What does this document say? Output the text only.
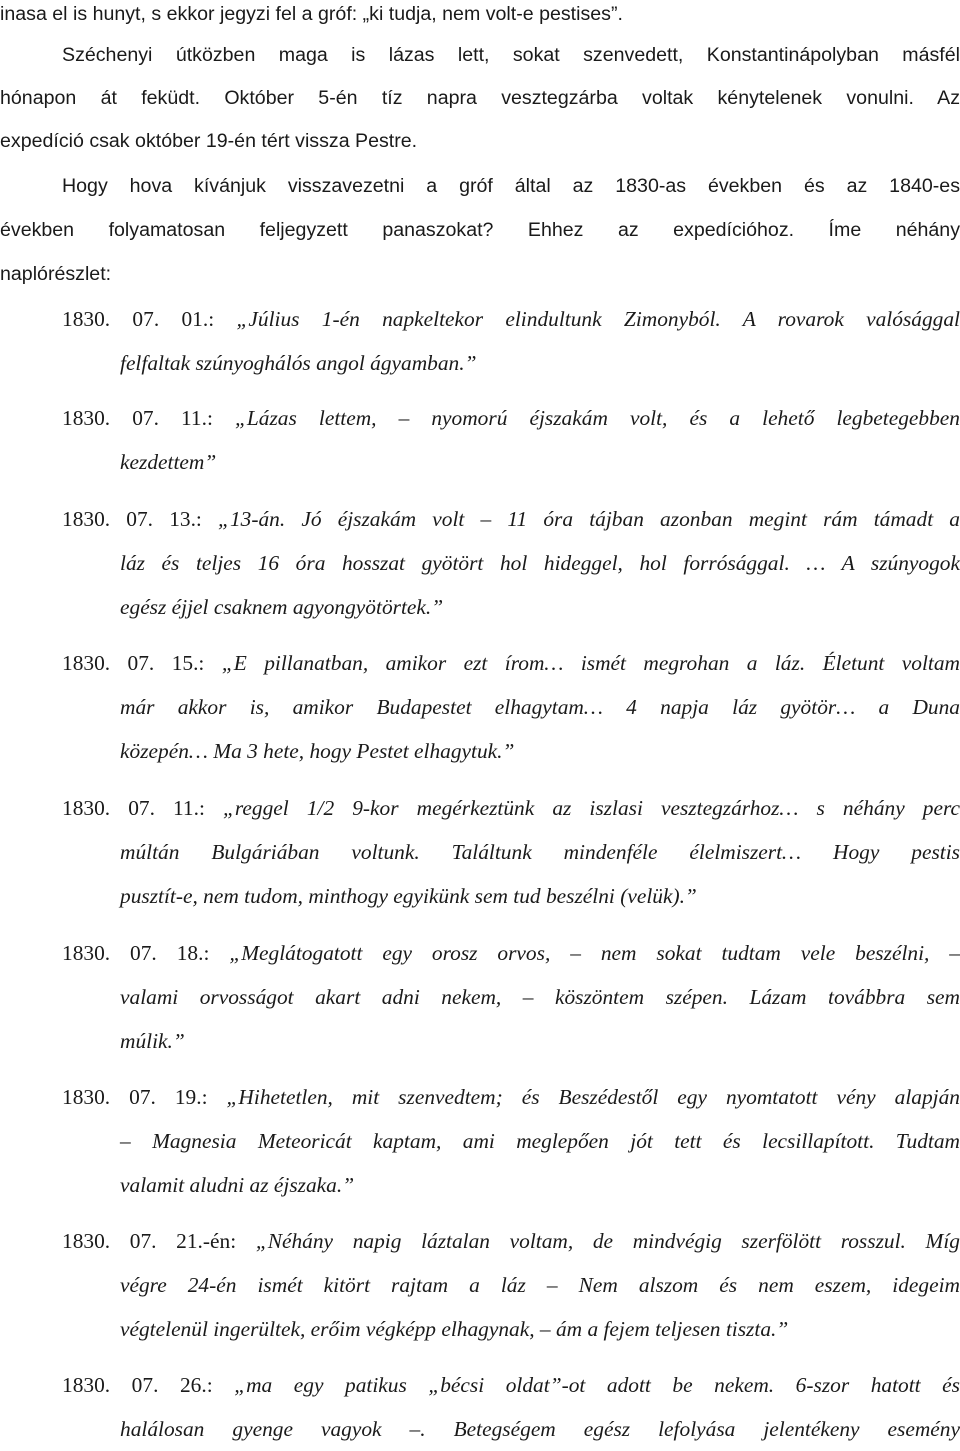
inasa el is hunyt, s ekkor jegyzi fel a gróf: „ki tudja, nem volt-e pestises”.

Széchenyi útközben maga is lázas lett, sokat szenvedett, Konstantinápolyban másfél
hónapon át feküdt. Október 5-én tíz napra vesztegzárba voltak kénytelenek vonulni. Az
expedíció csak október 19-én tért vissza Pestre.
Hogy hova kívánjuk visszavezetni a gróf által az 1830-as években és az 1840-es
években folyamatosan feljegyzett panaszokat? Ehhez az expedícióhoz. Íme néhány
naplórészlet:
1830. 07. 01.: „Július 1-én napkeltekor elindultunk Zimonyból. A rovarok valósággal
felfaltak szúnyoghálós angol ágyamban.”
1830. 07. 11.: „Lázas lettem, – nyomorú éjszakám volt, és a lehető legbetegebben
kezdettem”
1830. 07. 13.: „13-án. Jó éjszakám volt – 11 óra tájban azonban megint rám támadt a
láz és teljes 16 óra hosszat gyötört hol hideggel, hol forrósággal. … A szúnyogok
egész éjjel csaknem agyongyötörtek.”
1830. 07. 15.: „E pillanatban, amikor ezt írom… ismét megrohan a láz. Életunt voltam
már akkor is, amikor Budapestet elhagytam… 4 napja láz gyötör… a Duna
közepén… Ma 3 hete, hogy Pestet elhagytuk.”
1830. 07. 11.: „reggel 1/2 9-kor megérkeztünk az iszlasi vesztegzárhoz… s néhány perc
múltán Bulgáriában voltunk. Találtunk mindenféle élelmiszert… Hogy pestis
pusztít-e, nem tudom, minthogy egyikünk sem tud beszélni (velük).”
1830. 07. 18.: „Meglátogatott egy orosz orvos, – nem sokat tudtam vele beszélni, –
valami orvosságot akart adni nekem, – köszöntem szépen. Lázam továbbra sem
múlik.”
1830. 07. 19.: „Hihetetlen, mit szenvedtem; és Beszédestől egy nyomtatott vény alapján
– Magnesia Meteoricát kaptam, ami meglepően jót tett és lecsillapított. Tudtam
valamit aludni az éjszaka.”
1830. 07. 21.-én: „Néhány napig láztalan voltam, de mindvégig szerfölött rosszul. Míg
végre 24-én ismét kitört rajtam a láz – Nem alszom és nem eszem, idegeim
végtelenül ingerültek, erőim végképp elhagynak, – ám a fejem teljesen tiszta.”
1830. 07. 26.: „ma egy patikus „bécsi oldat”-ot adott be nekem. 6-szor hatott és
halálosan gyenge vagyok –. Betegségem egész lefolyása jelentékeny esemény
